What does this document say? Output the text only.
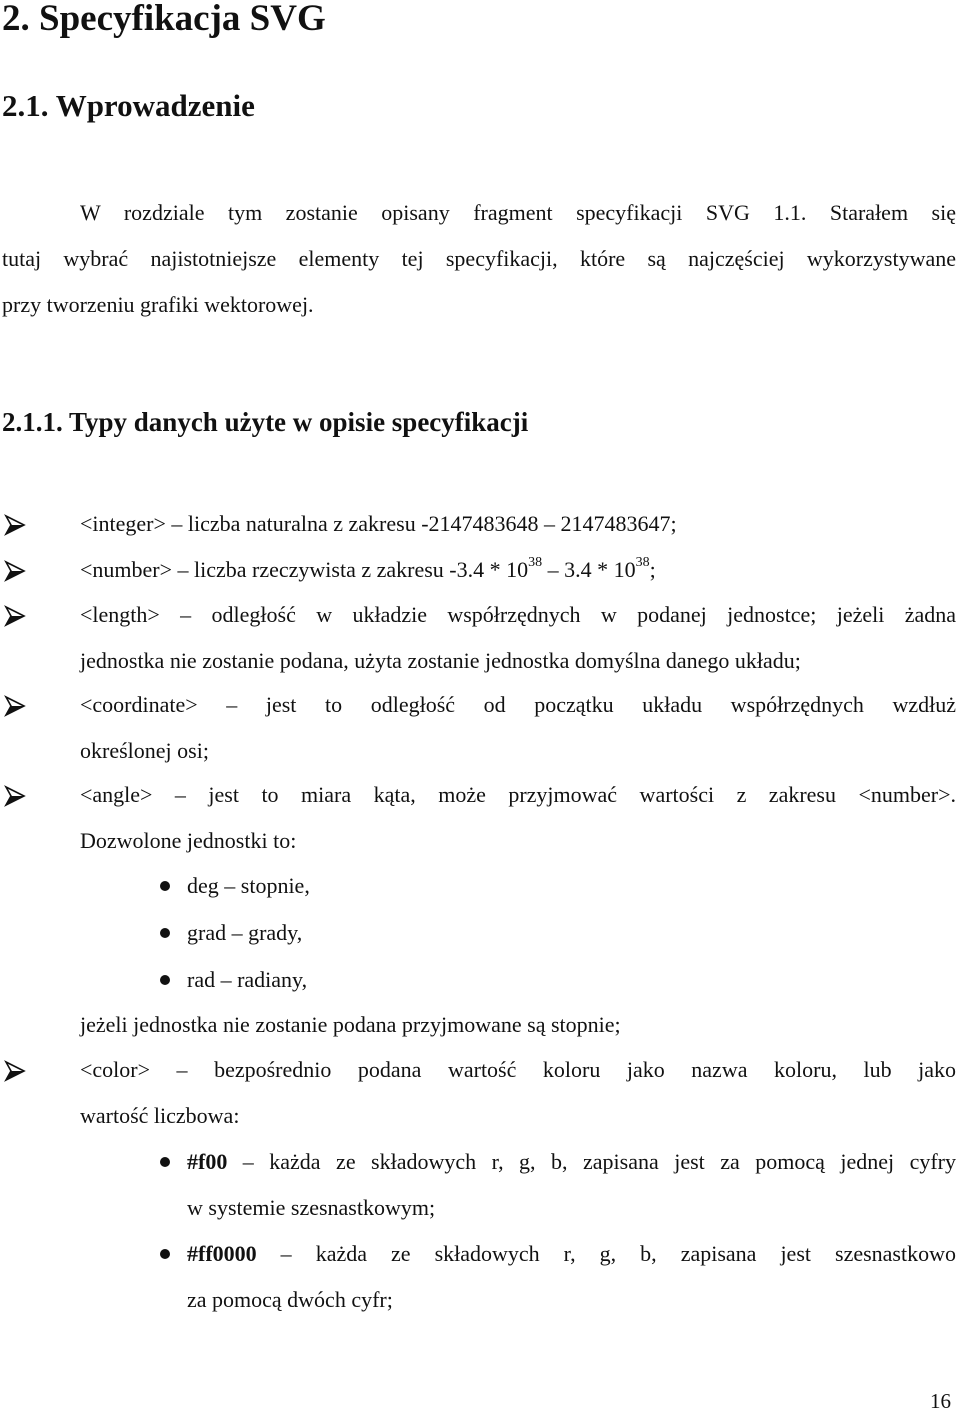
2. Specyfikacja SVG
2.1. Wprowadzenie
W rozdziale tym zostanie opisany fragment specyfikacji SVG 1.1. Starałem się
tutaj wybrać najistotniejsze elementy tej specyfikacji, które są najczęściej wykorzystywane
przy tworzeniu grafiki wektorowej.
2.1.1. Typy danych użyte w opisie specyfikacji
<integer> – liczba naturalna z zakresu -2147483648 – 2147483647;
<number> – liczba rzeczywista z zakresu $-3.4 * 10^{38} - 3.4 * 10^{38}$;
<length> – odległość w układzie współrzędnych w podanej jednostce; jeżeli żadna
jednostka nie zostanie podana, użyta zostanie jednostka domyślna danego układu;
<coordinate> – jest to odległość od początku układu współrzędnych wzdłuż
określonej osi;
<angle> – jest to miara kąta, może przyjmować wartości z zakresu <number>.
Dozwolone jednostki to:
deg – stopnie,
grad – grady,
rad – radiany,
jeżeli jednostka nie zostanie podana przyjmowane są stopnie;
<color> – bezpośrednio podana wartość koloru jako nazwa koloru, lub jako
wartość liczbowa:
#f00 – każda ze składowych r, g, b, zapisana jest za pomocą jednej cyfry
w systemie szesnastkowym;
#ff0000 – każda ze składowych r, g, b, zapisana jest szesnastkowo
za pomocą dwóch cyfr;
16
